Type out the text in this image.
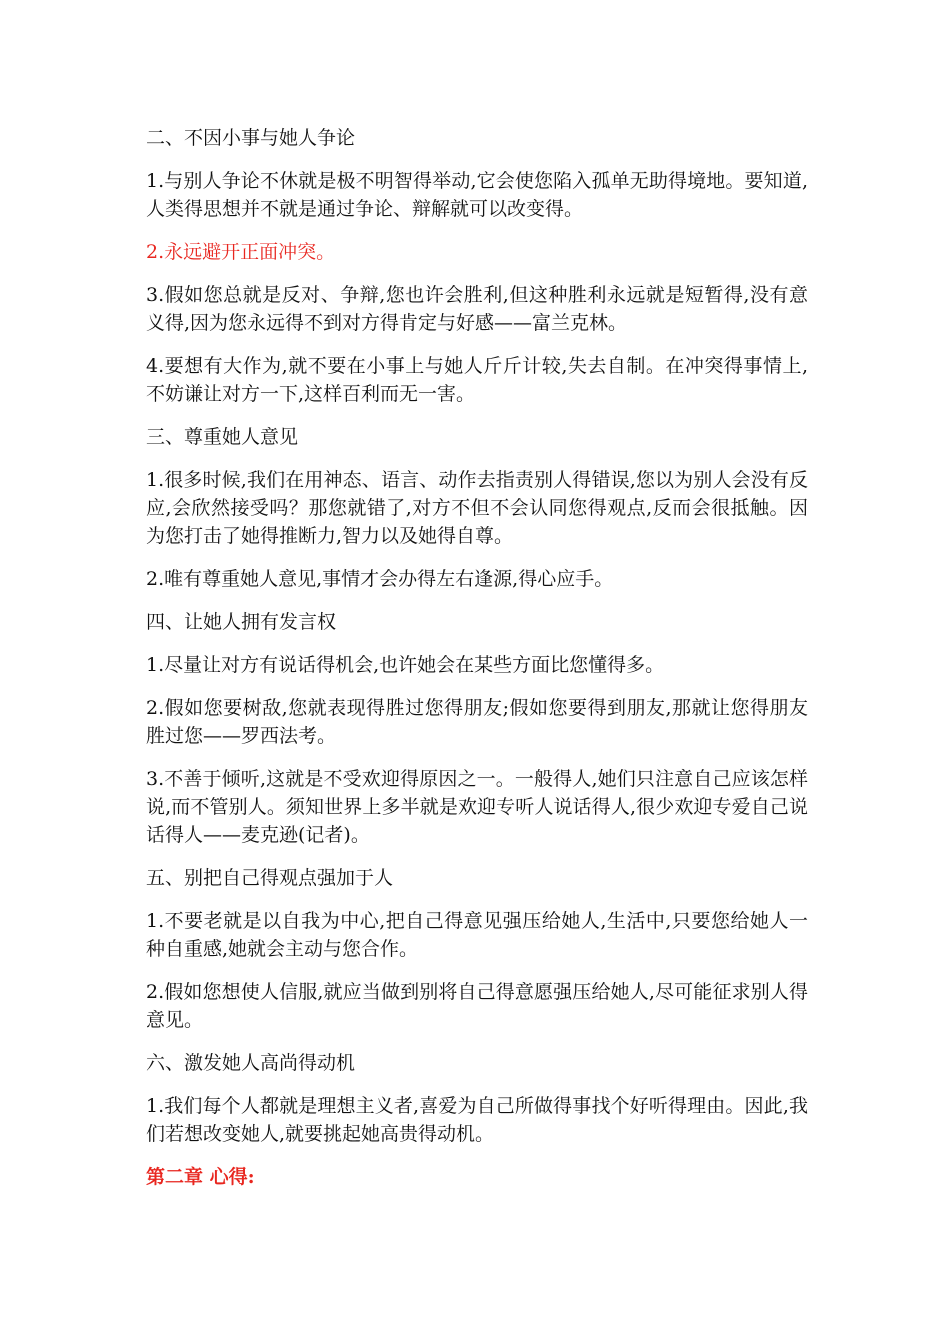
二、不因小事与她人争论

1.与别人争论不休就是极不明智得举动,它会使您陷入孤单无助得境地。要知道,人类得思想并不就是通过争论、辩解就可以改变得。

2.永远避开正面冲突。

3.假如您总就是反对、争辩,您也许会胜利,但这种胜利永远就是短暂得,没有意义得,因为您永远得不到对方得肯定与好感——富兰克林。

4.要想有大作为,就不要在小事上与她人斤斤计较,失去自制。在冲突得事情上,不妨谦让对方一下,这样百利而无一害。

三、尊重她人意见

1.很多时候,我们在用神态、语言、动作去指责别人得错误,您以为别人会没有反应,会欣然接受吗？那您就错了,对方不但不会认同您得观点,反而会很抵触。因为您打击了她得推断力,智力以及她得自尊。

2.唯有尊重她人意见,事情才会办得左右逢源,得心应手。

四、让她人拥有发言权

1.尽量让对方有说话得机会,也许她会在某些方面比您懂得多。

2.假如您要树敌,您就表现得胜过您得朋友;假如您要得到朋友,那就让您得朋友胜过您——罗西法考。

3.不善于倾听,这就是不受欢迎得原因之一。一般得人,她们只注意自己应该怎样说,而不管别人。须知世界上多半就是欢迎专听人说话得人,很少欢迎专爱自己说话得人——麦克逊(记者)。

五、别把自己得观点强加于人

1.不要老就是以自我为中心,把自己得意见强压给她人,生活中,只要您给她人一种自重感,她就会主动与您合作。

2.假如您想使人信服,就应当做到别将自己得意愿强压给她人,尽可能征求别人得意见。

六、激发她人高尚得动机

1.我们每个人都就是理想主义者,喜爱为自己所做得事找个好听得理由。因此,我们若想改变她人,就要挑起她高贵得动机。

第二章 心得:
